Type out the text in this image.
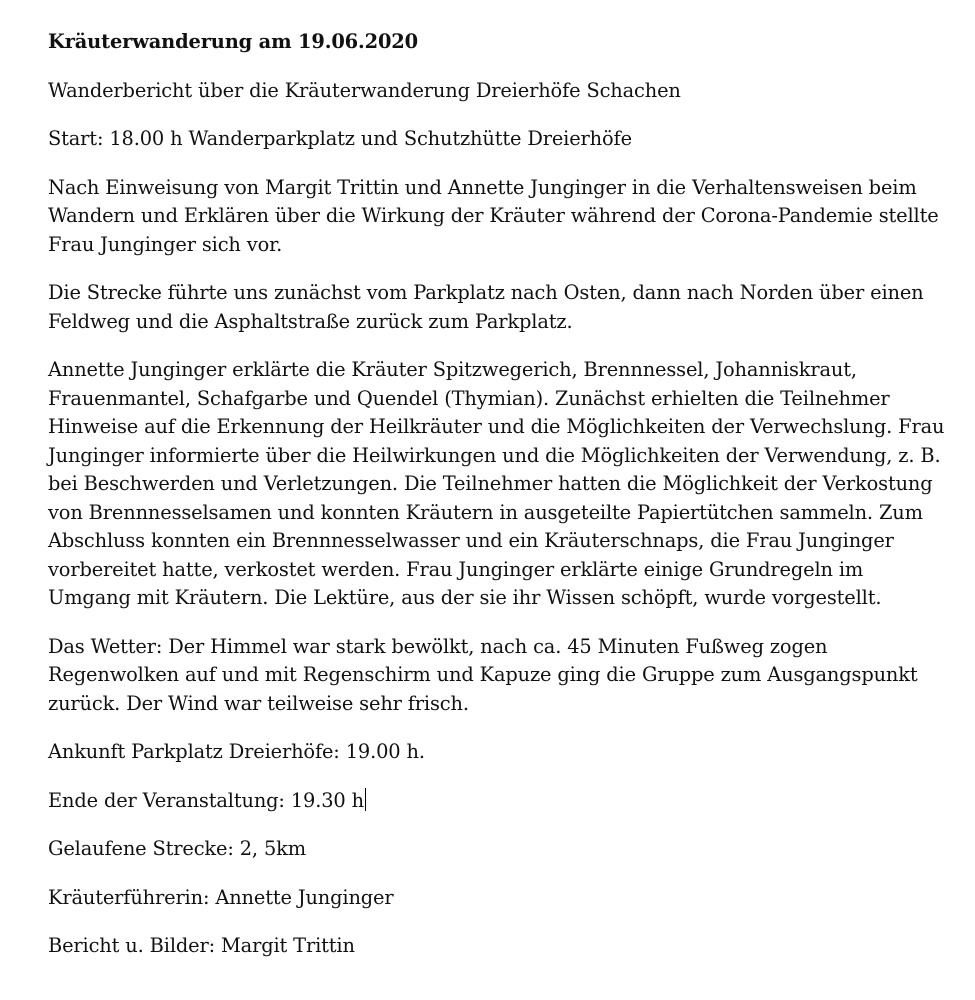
Kräuterwanderung am 19.06.2020

Wanderbericht über die Kräuterwanderung Dreierhöfe Schachen

Start: 18.00 h Wanderparkplatz und Schutzhütte Dreierhöfe

Nach Einweisung von Margit Trittin und Annette Junginger in die Verhaltensweisen beim Wandern und Erklären über die Wirkung der Kräuter während der Corona-Pandemie stellte Frau Junginger sich vor.

Die Strecke führte uns zunächst vom Parkplatz nach Osten, dann nach Norden über einen Feldweg und die Asphaltstraße zurück zum Parkplatz.

Annette Junginger erklärte die Kräuter Spitzwegerich, Brennnessel, Johanniskraut, Frauenmantel, Schafgarbe und Quendel (Thymian). Zunächst erhielten die Teilnehmer Hinweise auf die Erkennung der Heilkräuter und die Möglichkeiten der Verwechslung. Frau Junginger informierte über die Heilwirkungen und die Möglichkeiten der Verwendung, z. B. bei Beschwerden und Verletzungen. Die Teilnehmer hatten die Möglichkeit der Verkostung von Brennnesselsamen und konnten Kräutern in ausgeteilte Papiertütchen sammeln. Zum Abschluss konnten ein Brennnesselwasser und ein Kräuterschnaps, die Frau Junginger vorbereitet hatte, verkostet werden. Frau Junginger erklärte einige Grundregeln im Umgang mit Kräutern. Die Lektüre, aus der sie ihr Wissen schöpft, wurde vorgestellt.

Das Wetter: Der Himmel war stark bewölkt, nach ca. 45 Minuten Fußweg zogen Regenwolken auf und mit Regenschirm und Kapuze ging die Gruppe zum Ausgangspunkt zurück. Der Wind war teilweise sehr frisch.

Ankunft Parkplatz Dreierhöfe: 19.00 h.

Ende der Veranstaltung: 19.30 h

Gelaufene Strecke: 2, 5km

Kräuterführerin: Annette Junginger

Bericht u. Bilder: Margit Trittin
